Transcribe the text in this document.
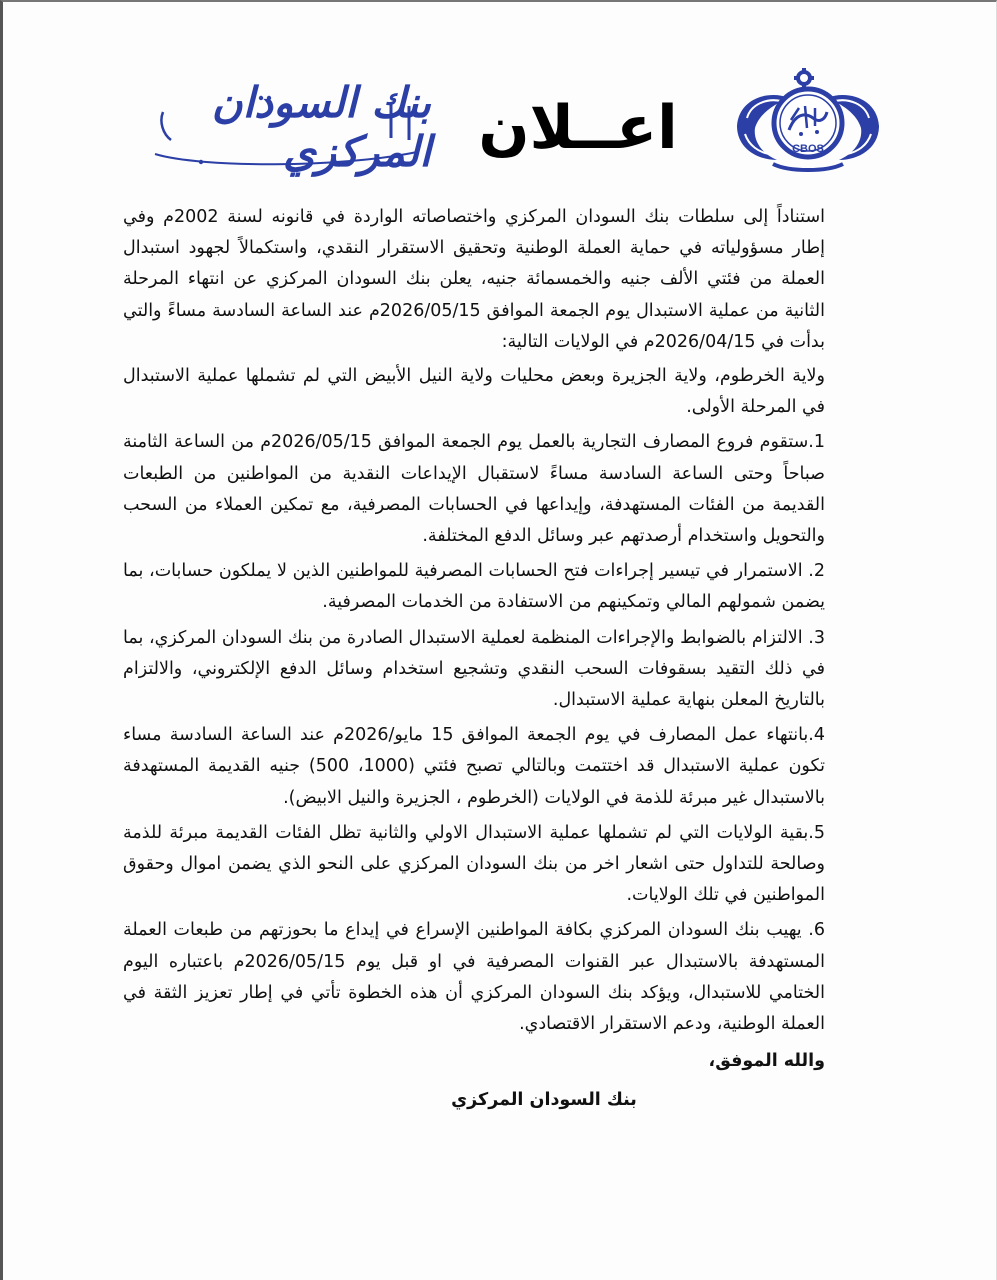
CBOS
اعــلان
بنك السودان المركزي

استناداً إلى سلطات بنك السودان المركزي واختصاصاته الواردة في قانونه لسنة 2002م وفي إطار مسؤولياته في حماية العملة الوطنية وتحقيق الاستقرار النقدي، واستكمالاً لجهود استبدال العملة من فئتي الألف جنيه والخمسمائة جنيه، يعلن بنك السودان المركزي عن انتهاء المرحلة الثانية من عملية الاستبدال يوم الجمعة الموافق 2026/05/15م عند الساعة السادسة مساءً والتي بدأت في 2026/04/15م في الولايات التالية:

ولاية الخرطوم، ولاية الجزيرة وبعض محليات ولاية النيل الأبيض التي لم تشملها عملية الاستبدال في المرحلة الأولى.

1.ستقوم فروع المصارف التجارية بالعمل يوم الجمعة الموافق 2026/05/15م من الساعة الثامنة صباحاً وحتى الساعة السادسة مساءً لاستقبال الإيداعات النقدية من المواطنين من الطبعات القديمة من الفئات المستهدفة، وإيداعها في الحسابات المصرفية، مع تمكين العملاء من السحب والتحويل واستخدام أرصدتهم عبر وسائل الدفع المختلفة.

2. الاستمرار في تيسير إجراءات فتح الحسابات المصرفية للمواطنين الذين لا يملكون حسابات، بما يضمن شمولهم المالي وتمكينهم من الاستفادة من الخدمات المصرفية.

3. الالتزام بالضوابط والإجراءات المنظمة لعملية الاستبدال الصادرة من بنك السودان المركزي، بما في ذلك التقيد بسقوفات السحب النقدي وتشجيع استخدام وسائل الدفع الإلكتروني، والالتزام بالتاريخ المعلن بنهاية عملية الاستبدال.

4.بانتهاء عمل المصارف في يوم الجمعة الموافق 15 مايو/2026م عند الساعة السادسة مساء تكون عملية الاستبدال قد اختتمت وبالتالي تصبح فئتي (1000، 500) جنيه القديمة المستهدفة بالاستبدال غير مبرئة للذمة في الولايات (الخرطوم ، الجزيرة والنيل الابيض).

5.بقية الولايات التي لم تشملها عملية الاستبدال الاولي والثانية تظل الفئات القديمة مبرئة للذمة وصالحة للتداول حتى اشعار اخر من بنك السودان المركزي على النحو الذي يضمن اموال وحقوق المواطنين في تلك الولايات.

6. يهيب بنك السودان المركزي بكافة المواطنين الإسراع في إيداع ما بحوزتهم من طبعات العملة المستهدفة بالاستبدال عبر القنوات المصرفية في او قبل يوم 2026/05/15م باعتباره اليوم الختامي للاستبدال، ويؤكد بنك السودان المركزي أن هذه الخطوة تأتي في إطار تعزيز الثقة في العملة الوطنية، ودعم الاستقرار الاقتصادي.

والله الموفق،
بنك السودان المركزي
